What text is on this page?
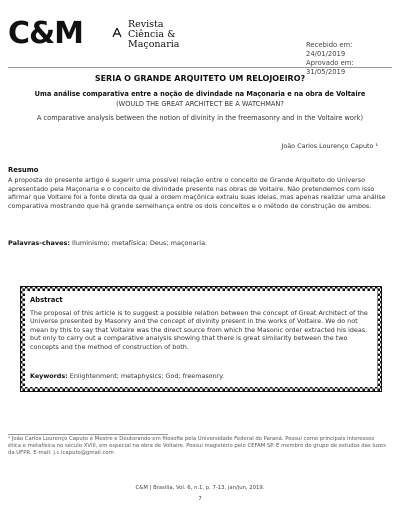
C&M	Revista
Ciência &
Maçonaria	Recebido em: 24/01/2019
Aprovado em: 31/05/2019
SERIA O GRANDE ARQUITETO UM RELOJOEIRO?
Uma análise comparativa entre a noção de divindade na Maçonaria e na obra de Voltaire
(WOULD THE GREAT ARCHITECT BE A WATCHMAN?
A comparative analysis between the notion of divinity in the freemasonry and in the Voltaire work)
João Carlos Lourenço Caputo ¹
Resumo
A proposta do presente artigo é sugerir uma possível relação entre o conceito de Grande Arquiteto do Universo apresentado pela Maçonaria e o conceito de divindade presente nas obras de Voltaire. Não pretendemos com isso afirmar que Voltaire foi a fonte direta da qual a ordem maçônica extraiu suas ideias, mas apenas realizar uma análise comparativa mostrando que há grande semelhança entre os dois conceitos e o método de construção de ambos.
Palavras-chaves: Iluminismo; metafísica; Deus; maçonaria.
Abstract
The proposal of this article is to suggest a possible relation between the concept of Great Architect of the Universe presented by Masonry and the concept of divinity present in the works of Voltaire. We do not mean by this to say that Voltaire was the direct source from which the Masonic order extracted his ideas, but only to carry out a comparative analysis showing that there is great similarity between the two concepts and the method of construction of both.
Keywords: Enlightenment; metaphysics; God; freemasonry.
¹ João Carlos Lourenço Caputo é Mestre e Doutorando em filosofia pela Universidade Federal do Paraná. Possui como principais interesses ética e metafísica no século XVIII, em especial na obra de Voltaire. Possui magistério pelo CEFAM SP. É membro do grupo de estudos das luzes da UFPR. E-mail: j.c.lcaputo@gmail.com
C&M | Brasília, Vol. 6, n.1, p. 7-13, jan/jun, 2019.
7
